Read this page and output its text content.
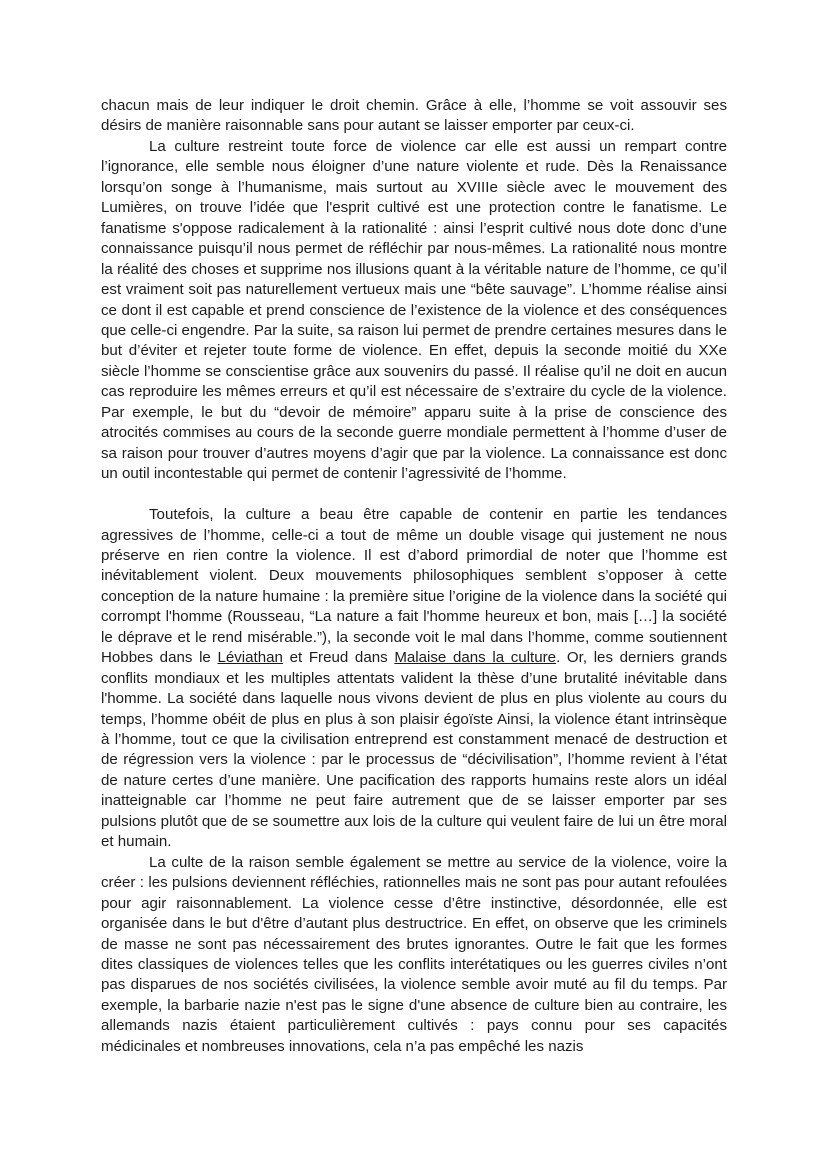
chacun mais de leur indiquer le droit chemin. Grâce à elle, l’homme se voit assouvir ses désirs de manière raisonnable sans pour autant se laisser emporter par ceux-ci.

La culture restreint toute force de violence car elle est aussi un rempart contre l’ignorance, elle semble nous éloigner d’une nature violente et rude. Dès la Renaissance lorsqu’on songe à l’humanisme, mais surtout au XVIIIe siècle avec le mouvement des Lumières, on trouve l’idée que l'esprit cultivé est une protection contre le fanatisme. Le fanatisme s'oppose radicalement à la rationalité : ainsi l’esprit cultivé nous dote donc d’une connaissance puisqu’il nous permet de réfléchir par nous-mêmes. La rationalité nous montre la réalité des choses et supprime nos illusions quant à la véritable nature de l’homme, ce qu’il est vraiment soit pas naturellement vertueux mais une “bête sauvage”. L’homme réalise ainsi ce dont il est capable et prend conscience de l’existence de la violence et des conséquences que celle-ci engendre. Par la suite, sa raison lui permet de prendre certaines mesures dans le but d’éviter et rejeter toute forme de violence. En effet, depuis la seconde moitié du XXe siècle l’homme se conscientise grâce aux souvenirs du passé. Il réalise qu’il ne doit en aucun cas reproduire les mêmes erreurs et qu’il est nécessaire de s’extraire du cycle de la violence. Par exemple, le but du “devoir de mémoire” apparu suite à la prise de conscience des atrocités commises au cours de la seconde guerre mondiale permettent à l’homme d’user de sa raison pour trouver d’autres moyens d’agir que par la violence. La connaissance est donc un outil incontestable qui permet de contenir l’agressivité de l’homme.

Toutefois, la culture a beau être capable de contenir en partie les tendances agressives de l’homme, celle-ci a tout de même un double visage qui justement ne nous préserve en rien contre la violence. Il est d’abord primordial de noter que l’homme est inévitablement violent. Deux mouvements philosophiques semblent s’opposer à cette conception de la nature humaine : la première situe l’origine de la violence dans la société qui corrompt l'homme (Rousseau, “La nature a fait l'homme heureux et bon, mais […] la société le déprave et le rend misérable.”), la seconde voit le mal dans l’homme, comme soutiennent Hobbes dans le Léviathan et Freud dans Malaise dans la culture. Or, les derniers grands conflits mondiaux et les multiples attentats valident la thèse d’une brutalité inévitable dans l'homme. La société dans laquelle nous vivons devient de plus en plus violente au cours du temps, l’homme obéit de plus en plus à son plaisir égoïste Ainsi, la violence étant intrinsèque à l’homme, tout ce que la civilisation entreprend est constamment menacé de destruction et de régression vers la violence : par le processus de “décivilisation”, l’homme revient à l’état de nature certes d’une manière. Une pacification des rapports humains reste alors un idéal inatteignable car l’homme ne peut faire autrement que de se laisser emporter par ses pulsions plutôt que de se soumettre aux lois de la culture qui veulent faire de lui un être moral et humain.

La culte de la raison semble également se mettre au service de la violence, voire la créer : les pulsions deviennent réfléchies, rationnelles mais ne sont pas pour autant refoulées pour agir raisonnablement. La violence cesse d’être instinctive, désordonnée, elle est organisée dans le but d'être d’autant plus destructrice. En effet, on observe que les criminels de masse ne sont pas nécessairement des brutes ignorantes. Outre le fait que les formes dites classiques de violences telles que les conflits interétatiques ou les guerres civiles n’ont pas disparues de nos sociétés civilisées, la violence semble avoir muté au fil du temps. Par exemple, la barbarie nazie n'est pas le signe d'une absence de culture bien au contraire, les allemands nazis étaient particulièrement cultivés : pays connu pour ses capacités médicinales et nombreuses innovations, cela n’a pas empêché les nazis
